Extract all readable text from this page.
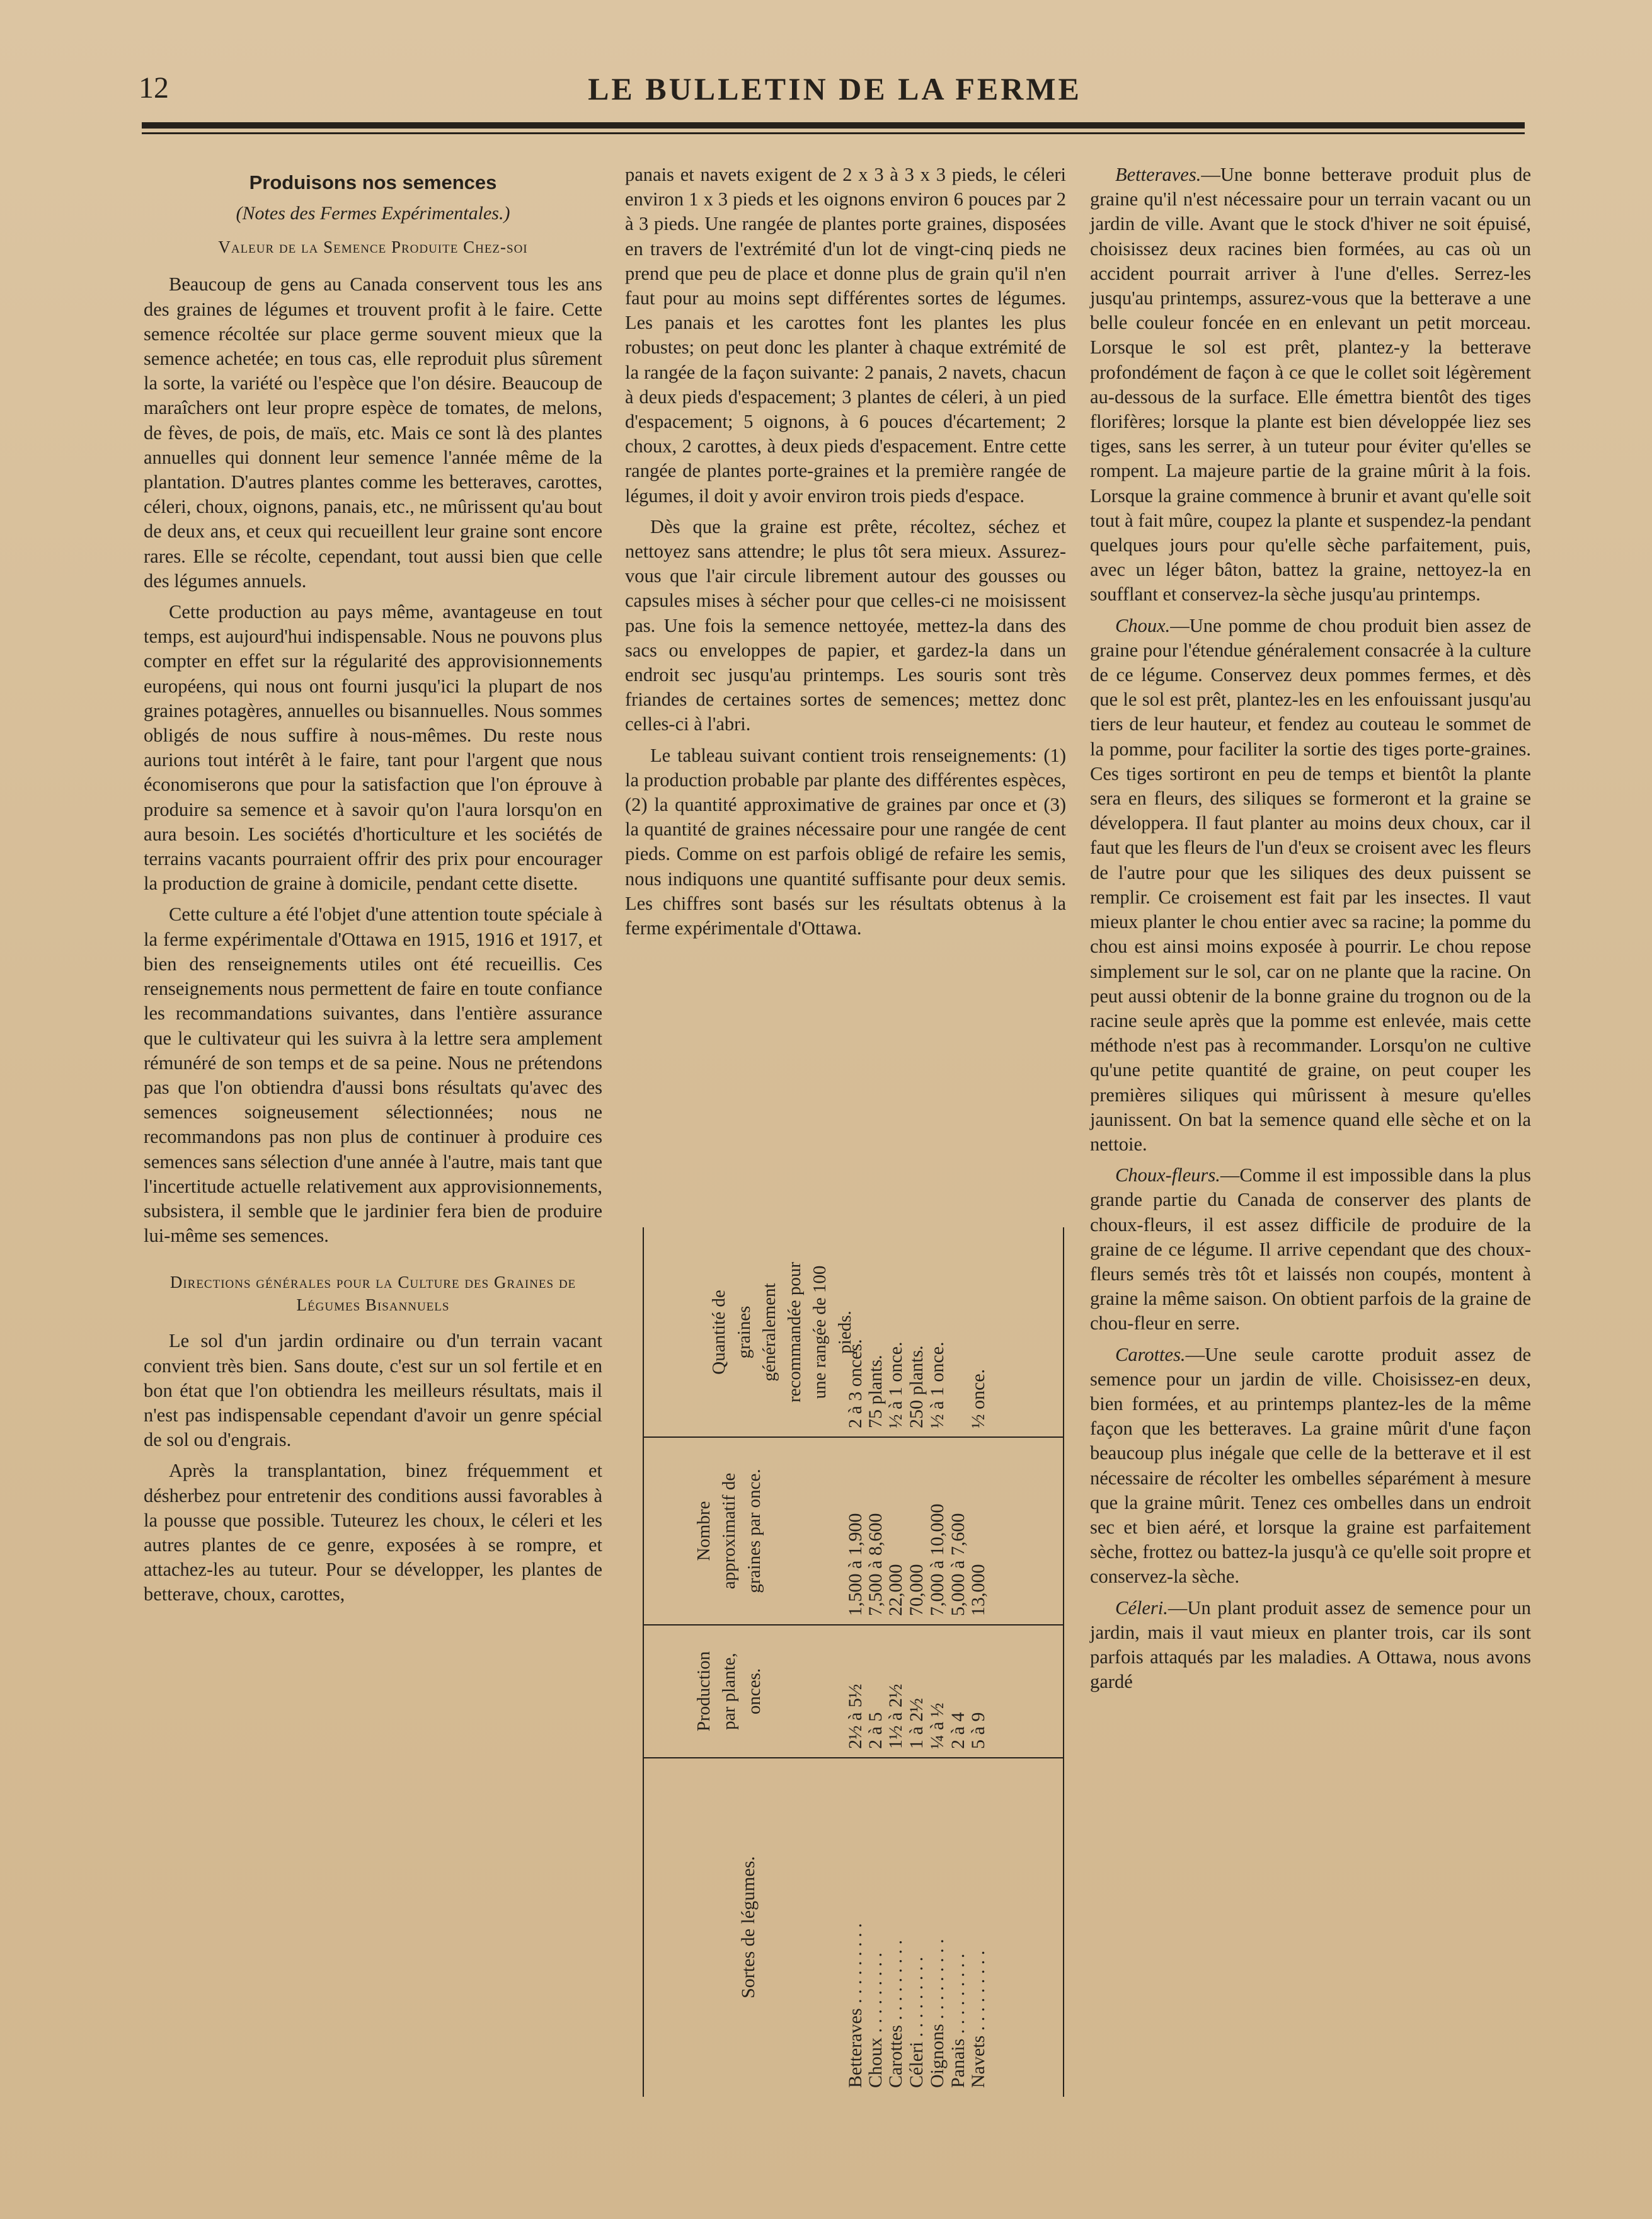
12	LE BULLETIN DE LA FERME
Produisons nos semences
(Notes des Fermes Expérimentales.)
Valeur de la Semence Produite Chez-soi

Beaucoup de gens au Canada conservent tous les ans des graines de légumes et trouvent profit à le faire. Cette semence récoltée sur place germe souvent mieux que la semence achetée; en tous cas, elle reproduit plus sûrement la sorte, la variété ou l'espèce que l'on désire. Beaucoup de maraîchers ont leur propre espèce de tomates, de melons, de fèves, de pois, de maïs, etc. Mais ce sont là des plantes annuelles qui donnent leur semence l'année même de la plantation. D'autres plantes comme les betteraves, carottes, céleri, choux, oignons, panais, etc., ne mûrissent qu'au bout de deux ans, et ceux qui recueillent leur graine sont encore rares. Elle se récolte, cependant, tout aussi bien que celle des légumes annuels.

Cette production au pays même, avantageuse en tout temps, est aujourd'hui indispensable. Nous ne pouvons plus compter en effet sur la régularité des approvisionnements européens, qui nous ont fourni jusqu'ici la plupart de nos graines potagères, annuelles ou bisannuelles. Nous sommes obligés de nous suffire à nous-mêmes. Du reste nous aurions tout intérêt à le faire, tant pour l'argent que nous économiserons que pour la satisfaction que l'on éprouve à produire sa semence et à savoir qu'on l'aura lorsqu'on en aura besoin. Les sociétés d'horticulture et les sociétés de terrains vacants pourraient offrir des prix pour encourager la production de graine à domicile, pendant cette disette.

Cette culture a été l'objet d'une attention toute spéciale à la ferme expérimentale d'Ottawa en 1915, 1916 et 1917, et bien des renseignements utiles ont été recueillis. Ces renseignements nous permettent de faire en toute confiance les recommandations suivantes, dans l'entière assurance que le cultivateur qui les suivra à la lettre sera amplement rémunéré de son temps et de sa peine. Nous ne prétendons pas que l'on obtiendra d'aussi bons résultats qu'avec des semences soigneusement sélectionnées; nous ne recommandons pas non plus de continuer à produire ces semences sans sélection d'une année à l'autre, mais tant que l'incertitude actuelle relativement aux approvisionnements, subsistera, il semble que le jardinier fera bien de produire lui-même ses semences.

Directions générales pour la Culture des Graines de Légumes Bisannuels

Le sol d'un jardin ordinaire ou d'un terrain vacant convient très bien. Sans doute, c'est sur un sol fertile et en bon état que l'on obtiendra les meilleurs résultats, mais il n'est pas indispensable cependant d'avoir un genre spécial de sol ou d'engrais.

Après la transplantation, binez fréquemment et désherbez pour entretenir des conditions aussi favorables à la pousse que possible. Tuteurez les choux, le céleri et les autres plantes de ce genre, exposées à se rompre, et attachez-les au tuteur. Pour se développer, les plantes de betterave, choux, carottes,

panais et navets exigent de 2 x 3 à 3 x 3 pieds, le céleri environ 1 x 3 pieds et les oignons environ 6 pouces par 2 à 3 pieds. Une rangée de plantes porte graines, disposées en travers de l'extrémité d'un lot de vingt-cinq pieds ne prend que peu de place et donne plus de grain qu'il n'en faut pour au moins sept différentes sortes de légumes. Les panais et les carottes font les plantes les plus robustes; on peut donc les planter à chaque extrémité de la rangée de la façon suivante: 2 panais, 2 navets, chacun à deux pieds d'espacement; 3 plantes de céleri, à un pied d'espacement; 5 oignons, à 6 pouces d'écartement; 2 choux, 2 carottes, à deux pieds d'espacement. Entre cette rangée de plantes porte-graines et la première rangée de légumes, il doit y avoir environ trois pieds d'espace.

Dès que la graine est prête, récoltez, séchez et nettoyez sans attendre; le plus tôt sera mieux. Assurez-vous que l'air circule librement autour des gousses ou capsules mises à sécher pour que celles-ci ne moisissent pas. Une fois la semence nettoyée, mettez-la dans des sacs ou enveloppes de papier, et gardez-la dans un endroit sec jusqu'au printemps. Les souris sont très friandes de certaines sortes de semences; mettez donc celles-ci à l'abri.

Le tableau suivant contient trois renseignements: (1) la production probable par plante des différentes espèces, (2) la quantité approximative de graines par once et (3) la quantité de graines nécessaire pour une rangée de cent pieds. Comme on est parfois obligé de refaire les semis, nous indiquons une quantité suffisante pour deux semis. Les chiffres sont basés sur les résultats obtenus à la ferme expérimentale d'Ottawa.

Quantité de graines généralement recommandée pour une rangée de 100 pieds.
Nombre approximatif de graines par once.
Production par plante, onces.
Sortes de légumes.
2 à 3 onces.
1,500 à 1,900
2½ à 5½
Betteraves . . . . . . . . .
75 plants.
7,500 à 8,600
2 à 5
Choux . . . . . . . . .
½ à 1 once.
22,000
1½ à 2½
Carottes . . . . . . . . .
250 plants.
70,000
1 à 2½
Céleri . . . . . . . . .
½ à 1 once.
7,000 à 10,000
¼ à ½
Oignons . . . . . . . . .
5,000 à 7,600
2 à 4
Panais . . . . . . . . .
½ once.
13,000
5 à 9
Navets . . . . . . . . .

Betteraves.—Une bonne betterave produit plus de graine qu'il n'est nécessaire pour un terrain vacant ou un jardin de ville. Avant que le stock d'hiver ne soit épuisé, choisissez deux racines bien formées, au cas où un accident pourrait arriver à l'une d'elles. Serrez-les jusqu'au printemps, assurez-vous que la betterave a une belle couleur foncée en en enlevant un petit morceau. Lorsque le sol est prêt, plantez-y la betterave profondément de façon à ce que le collet soit légèrement au-dessous de la surface. Elle émettra bientôt des tiges florifères; lorsque la plante est bien développée liez ses tiges, sans les serrer, à un tuteur pour éviter qu'elles se rompent. La majeure partie de la graine mûrit à la fois. Lorsque la graine commence à brunir et avant qu'elle soit tout à fait mûre, coupez la plante et suspendez-la pendant quelques jours pour qu'elle sèche parfaitement, puis, avec un léger bâton, battez la graine, nettoyez-la en soufflant et conservez-la sèche jusqu'au printemps.

Choux.—Une pomme de chou produit bien assez de graine pour l'étendue généralement consacrée à la culture de ce légume. Conservez deux pommes fermes, et dès que le sol est prêt, plantez-les en les enfouissant jusqu'au tiers de leur hauteur, et fendez au couteau le sommet de la pomme, pour faciliter la sortie des tiges porte-graines. Ces tiges sortiront en peu de temps et bientôt la plante sera en fleurs, des siliques se formeront et la graine se développera. Il faut planter au moins deux choux, car il faut que les fleurs de l'un d'eux se croisent avec les fleurs de l'autre pour que les siliques des deux puissent se remplir. Ce croisement est fait par les insectes. Il vaut mieux planter le chou entier avec sa racine; la pomme du chou est ainsi moins exposée à pourrir. Le chou repose simplement sur le sol, car on ne plante que la racine. On peut aussi obtenir de la bonne graine du trognon ou de la racine seule après que la pomme est enlevée, mais cette méthode n'est pas à recommander. Lorsqu'on ne cultive qu'une petite quantité de graine, on peut couper les premières siliques qui mûrissent à mesure qu'elles jaunissent. On bat la semence quand elle sèche et on la nettoie.

Choux-fleurs.—Comme il est impossible dans la plus grande partie du Canada de conserver des plants de choux-fleurs, il est assez difficile de produire de la graine de ce légume. Il arrive cependant que des choux-fleurs semés très tôt et laissés non coupés, montent à graine la même saison. On obtient parfois de la graine de chou-fleur en serre.

Carottes.—Une seule carotte produit assez de semence pour un jardin de ville. Choisissez-en deux, bien formées, et au printemps plantez-les de la même façon que les betteraves. La graine mûrit d'une façon beaucoup plus inégale que celle de la betterave et il est nécessaire de récolter les ombelles séparément à mesure que la graine mûrit. Tenez ces ombelles dans un endroit sec et bien aéré, et lorsque la graine est parfaitement sèche, frottez ou battez-la jusqu'à ce qu'elle soit propre et conservez-la sèche.

Céleri.—Un plant produit assez de semence pour un jardin, mais il vaut mieux en planter trois, car ils sont parfois attaqués par les maladies. A Ottawa, nous avons gardé
